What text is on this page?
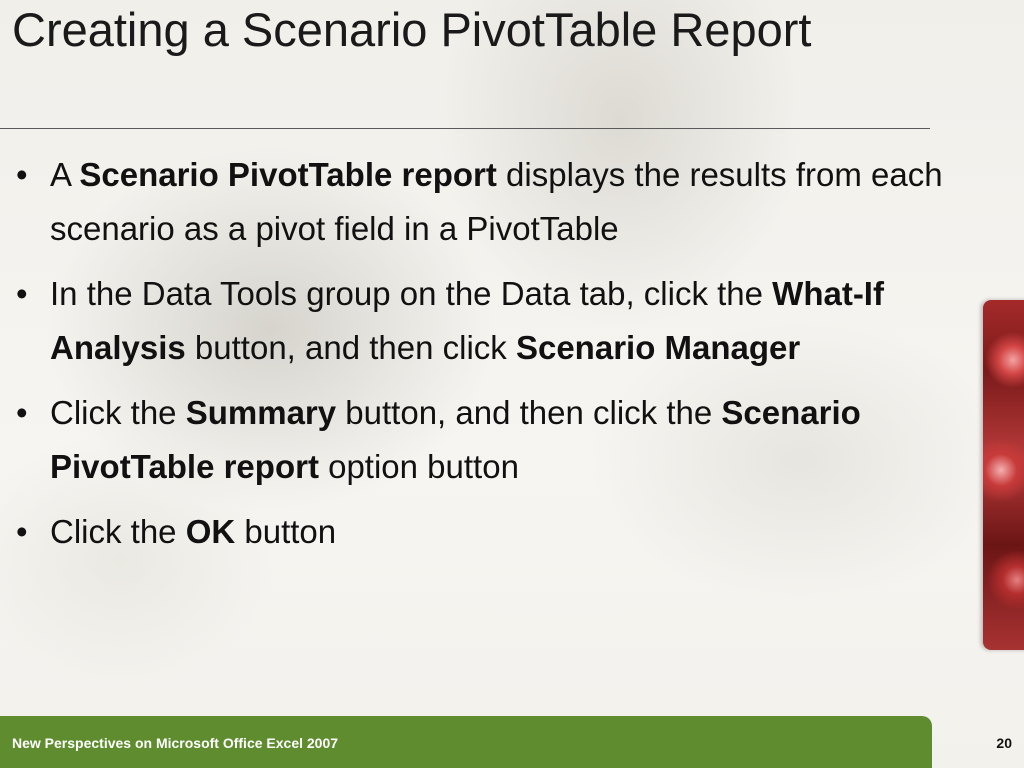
Creating a Scenario PivotTable Report
• A Scenario PivotTable report displays the results from each scenario as a pivot field in a PivotTable
• In the Data Tools group on the Data tab, click the What-If Analysis button, and then click Scenario Manager
• Click the Summary button, and then click the Scenario PivotTable report option button
• Click the OK button
New Perspectives on Microsoft Office Excel 2007	20
